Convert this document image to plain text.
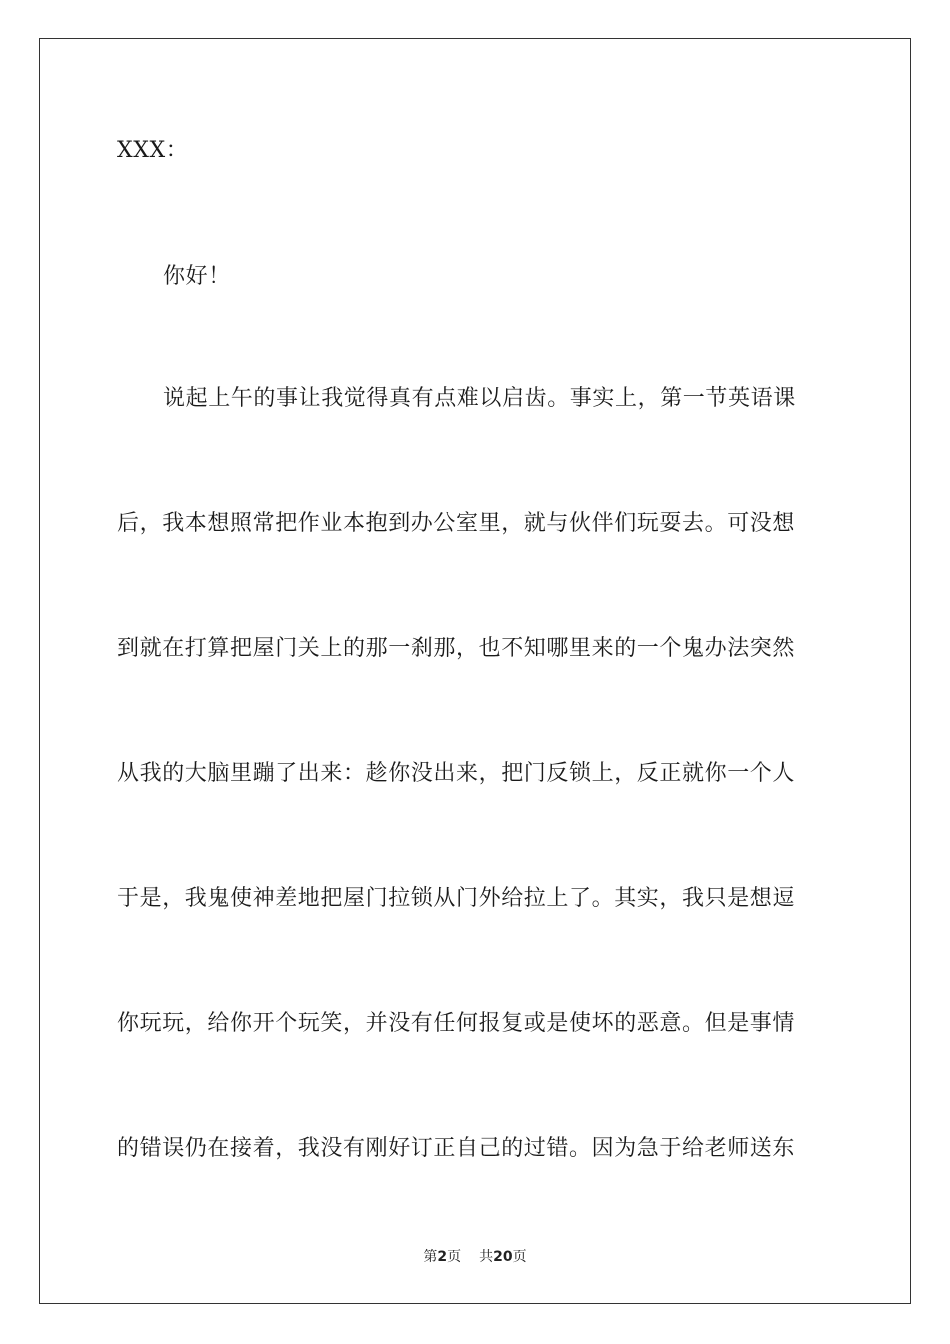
XXX：
你好！
说起上午的事让我觉得真有点难以启齿。事实上，第一节英语课
后，我本想照常把作业本抱到办公室里，就与伙伴们玩耍去。可没想
到就在打算把屋门关上的那一刹那，也不知哪里来的一个鬼办法突然
从我的大脑里蹦了出来：趁你没出来，把门反锁上，反正就你一个人
于是，我鬼使神差地把屋门拉锁从门外给拉上了。其实，我只是想逗
你玩玩，给你开个玩笑，并没有任何报复或是使坏的恶意。但是事情
的错误仍在接着，我没有刚好订正自己的过错。因为急于给老师送东
第2页 共20页
